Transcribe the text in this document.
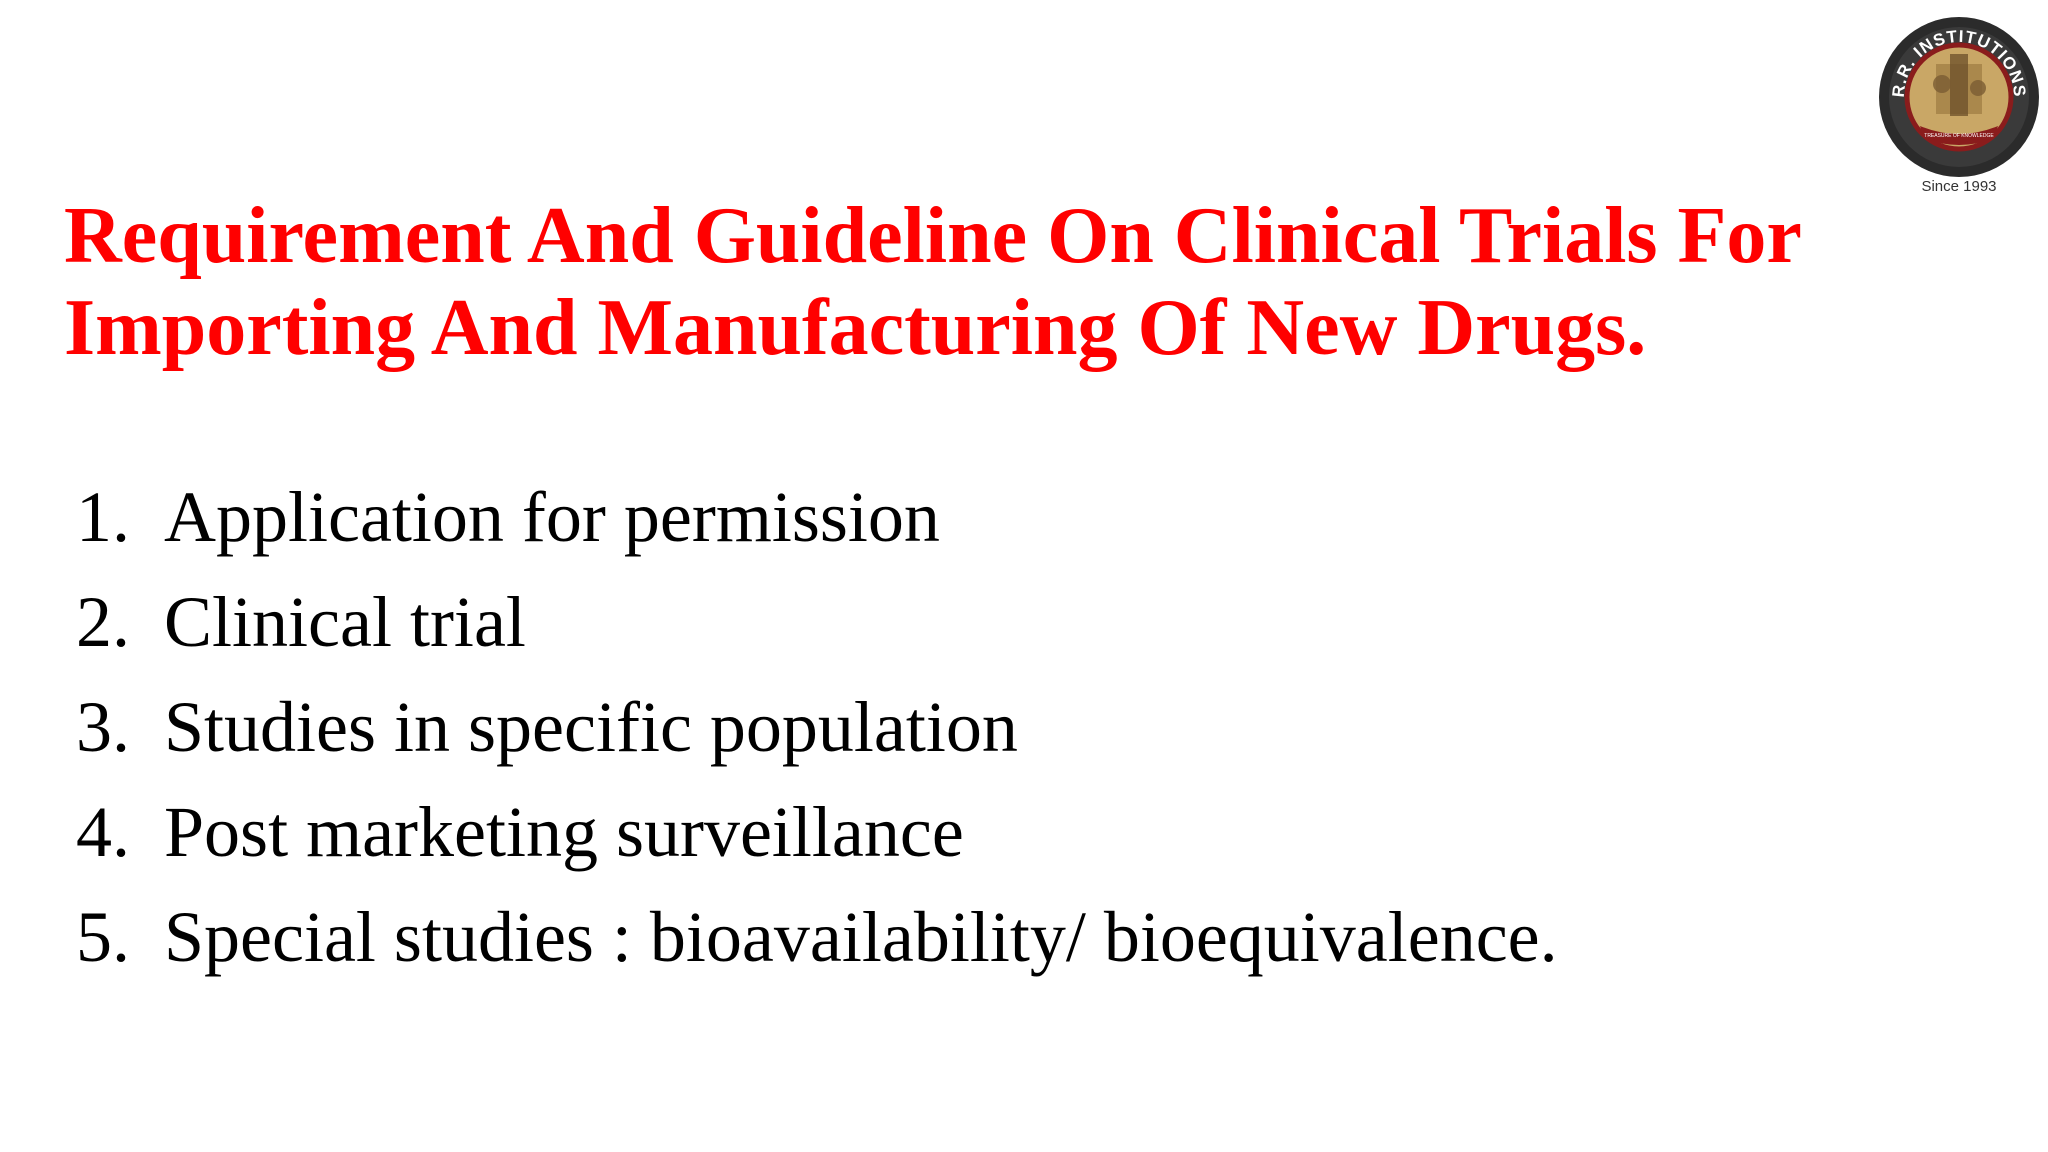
R.R. INSTITUTIONS
TREASURE OF KNOWLEDGE
Since 1993
Requirement And Guideline On Clinical Trials For
Importing And Manufacturing Of New Drugs.
1. Application for permission
2. Clinical trial
3. Studies in specific population
4. Post marketing surveillance
5. Special studies : bioavailability/ bioequivalence.
